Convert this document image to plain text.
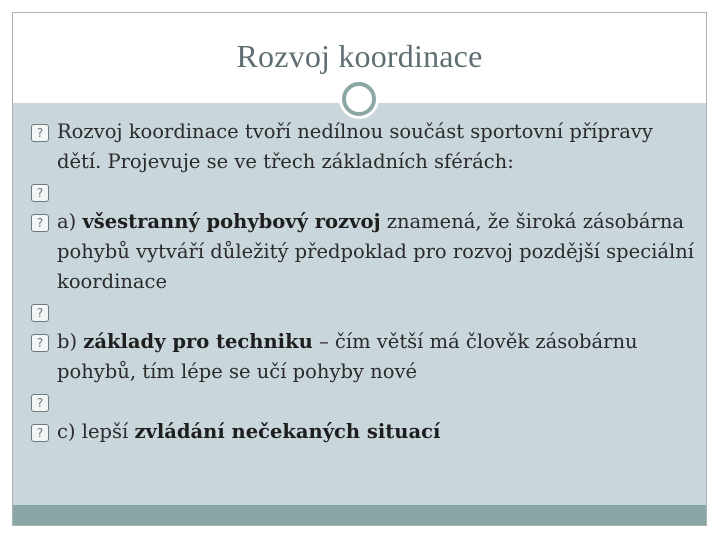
Rozvoj koordinace
?
Rozvoj koordinace tvoří nedílnou součást sportovní přípravy dětí. Projevuje se ve třech základních sférách:
?
?
a) všestranný pohybový rozvoj znamená, že široká zásobárna pohybů vytváří důležitý předpoklad pro rozvoj pozdější speciální koordinace
?
?
b) základy pro techniku – čím větší má člověk zásobárnu pohybů, tím lépe se učí pohyby nové
?
?
c) lepší zvládání nečekaných situací
